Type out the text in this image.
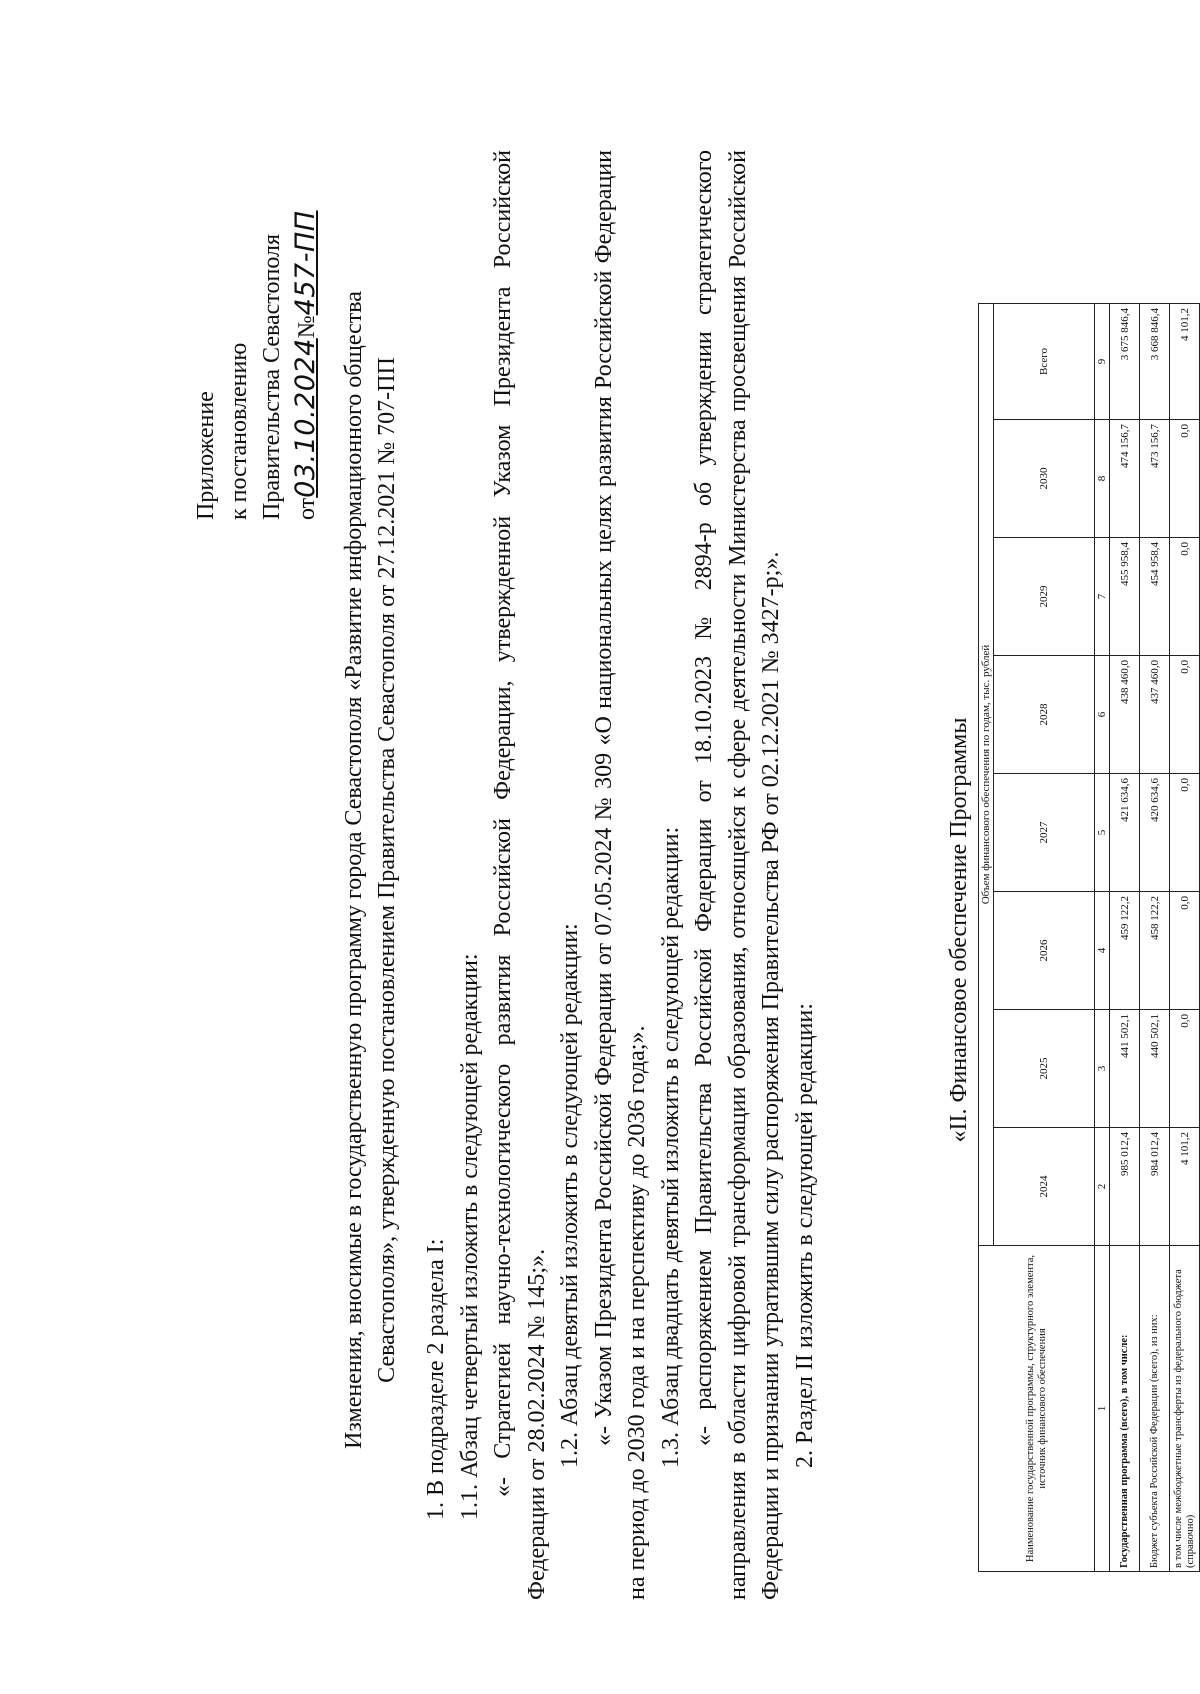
Приложение к постановлению Правительства Севастополя от03.10.2024№457-ПП
Изменения, вносимые в государственную программу города Севастополя «Развитие информационного общества Севастополя», утвержденную постановлением Правительства Севастополя от 27.12.2021 № 707-ПП 1. В подразделе 2 раздела I: 1.1. Абзац четвертый изложить в следующей редакции: «- Стратегией научно-технологического развития Российской Федерации, утвержденной Указом Президента Российской Федерации от 28.02.2024 № 145;». 1.2. Абзац девятый изложить в следующей редакции: «- Указом Президента Российской Федерации от 07.05.2024 № 309 «О национальных целях развития Российской Федерации на период до 2030 года и на перспективу до 2036 года;». 1.3. Абзац двадцать девятый изложить в следующей редакции: «- распоряжением Правительства Российской Федерации от 18.10.2023 № 2894-р об утверждении стратегического направления в области цифровой трансформации образования, относящейся к сфере деятельности Министерства просвещения Российской Федерации и признании утратившим силу распоряжения Правительства РФ от 02.12.2021 № 3427-р;». 2. Раздел II изложить в следующей редакции:

«II. Финансовое обеспечение Программы
Наименование государственной программы, структурного элемента, источник финансового обеспечения	Объем финансового обеспечения по годам, тыс. рублей							
	2024	2025	2026	2027	2028	2029	2030	Всего
1	2	3	4	5	6	7	8	9
Государственная программа (всего), в том числе:	985 012,4	441 502,1	459 122,2	421 634,6	438 460,0	455 958,4	474 156,7	3 675 846,4
Бюджет субъекта Российской Федерации (всего), из них:	984 012,4	440 502,1	458 122,2	420 634,6	437 460,0	454 958,4	473 156,7	3 668 846,4
в том числе межбюджетные трансферты из федерального бюджета (справочно)	4 101,2	0,0	0,0	0,0	0,0	0,0	0,0	4 101,2
